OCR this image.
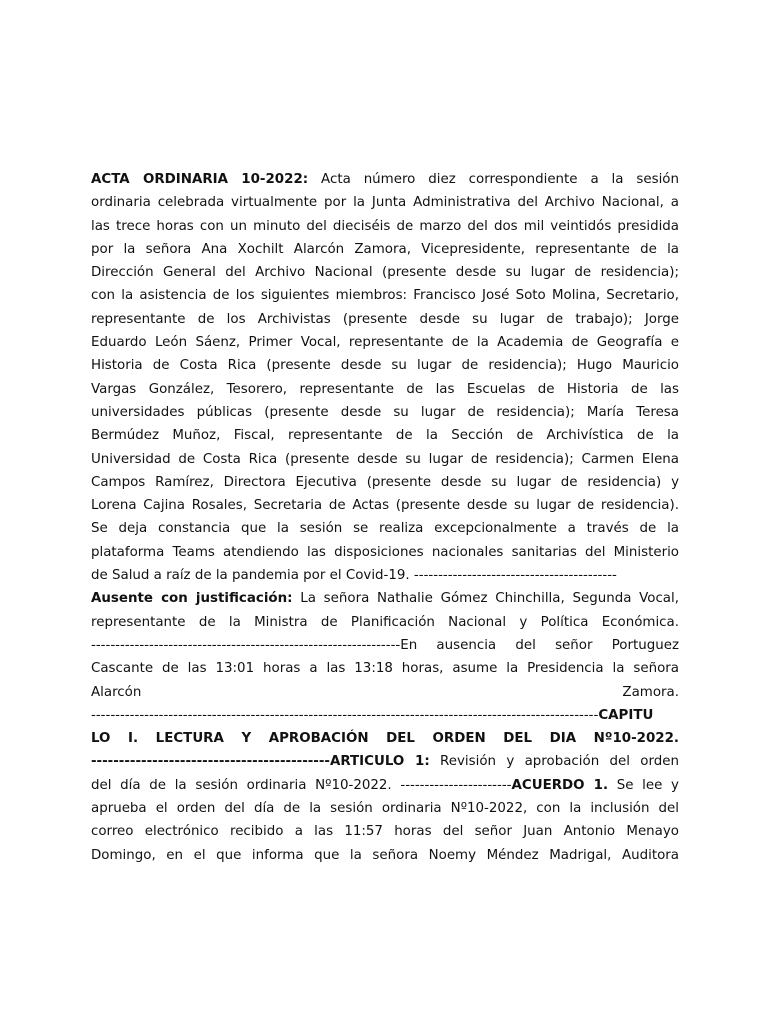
ACTA ORDINARIA 10-2022: Acta número diez correspondiente a la sesión
ordinaria celebrada virtualmente por la Junta Administrativa del Archivo Nacional, a
las trece horas con un minuto del dieciséis de marzo del dos mil veintidós presidida
por la señora Ana Xochilt Alarcón Zamora, Vicepresidente, representante de la
Dirección General del Archivo Nacional (presente desde su lugar de residencia);
con la asistencia de los siguientes miembros: Francisco José Soto Molina, Secretario,
representante de los Archivistas (presente desde su lugar de trabajo); Jorge
Eduardo León Sáenz, Primer Vocal, representante de la Academia de Geografía e
Historia de Costa Rica (presente desde su lugar de residencia); Hugo Mauricio
Vargas González, Tesorero, representante de las Escuelas de Historia de las
universidades públicas (presente desde su lugar de residencia); María Teresa
Bermúdez Muñoz, Fiscal, representante de la Sección de Archivística de la
Universidad de Costa Rica (presente desde su lugar de residencia); Carmen Elena
Campos Ramírez, Directora Ejecutiva (presente desde su lugar de residencia) y
Lorena Cajina Rosales, Secretaria de Actas (presente desde su lugar de residencia).
Se deja constancia que la sesión se realiza excepcionalmente a través de la
plataforma Teams atendiendo las disposiciones nacionales sanitarias del Ministerio
de Salud a raíz de la pandemia por el Covid-19. ------------------------------------------
Ausente con justificación: La señora Nathalie Gómez Chinchilla, Segunda Vocal,
representante de la Ministra de Planificación Nacional y Política Económica.
----------------------------------------------------------------En ausencia del señor Portuguez
Cascante de las 13:01 horas a las 13:18 horas, asume la Presidencia la señora
Alarcón Zamora.
---------------------------------------------------------------------------------------------------------CAPITU
LO I. LECTURA Y APROBACIÓN DEL ORDEN DEL DIA Nº10-2022.
-------------------------------------------ARTICULO 1: Revisión y aprobación del orden
del día de la sesión ordinaria Nº10-2022. -----------------------ACUERDO 1. Se lee y
aprueba el orden del día de la sesión ordinaria Nº10-2022, con la inclusión del
correo electrónico recibido a las 11:57 horas del señor Juan Antonio Menayo
Domingo, en el que informa que la señora Noemy Méndez Madrigal, Auditora
